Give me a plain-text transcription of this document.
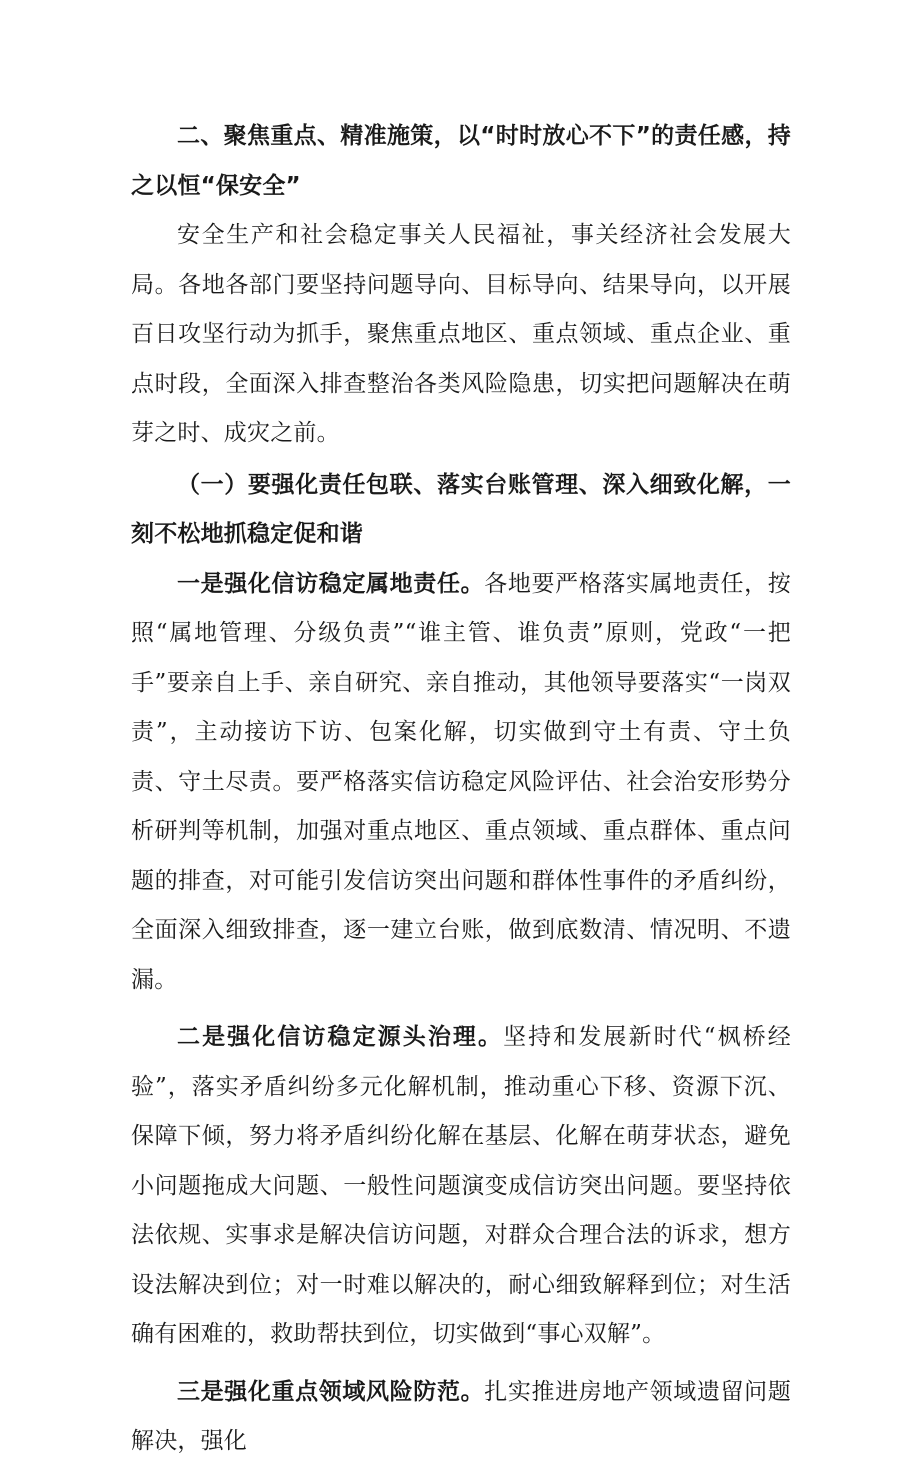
二、聚焦重点、精准施策，以“时时放心不下”的责任感，持之以恒“保安全”

安全生产和社会稳定事关人民福祉，事关经济社会发展大局。各地各部门要坚持问题导向、目标导向、结果导向，以开展百日攻坚行动为抓手，聚焦重点地区、重点领域、重点企业、重点时段，全面深入排查整治各类风险隐患，切实把问题解决在萌芽之时、成灾之前。

（一）要强化责任包联、落实台账管理、深入细致化解，一刻不松地抓稳定促和谐

一是强化信访稳定属地责任。各地要严格落实属地责任，按照“属地管理、分级负责”“谁主管、谁负责”原则，党政“一把手”要亲自上手、亲自研究、亲自推动，其他领导要落实“一岗双责”，主动接访下访、包案化解，切实做到守土有责、守土负责、守土尽责。要严格落实信访稳定风险评估、社会治安形势分析研判等机制，加强对重点地区、重点领域、重点群体、重点问题的排查，对可能引发信访突出问题和群体性事件的矛盾纠纷，全面深入细致排查，逐一建立台账，做到底数清、情况明、不遗漏。

二是强化信访稳定源头治理。坚持和发展新时代“枫桥经验”，落实矛盾纠纷多元化解机制，推动重心下移、资源下沉、保障下倾，努力将矛盾纠纷化解在基层、化解在萌芽状态，避免小问题拖成大问题、一般性问题演变成信访突出问题。要坚持依法依规、实事求是解决信访问题，对群众合理合法的诉求，想方设法解决到位；对一时难以解决的，耐心细致解释到位；对生活确有困难的，救助帮扶到位，切实做到“事心双解”。

三是强化重点领域风险防范。扎实推进房地产领域遗留问题解决，强化
